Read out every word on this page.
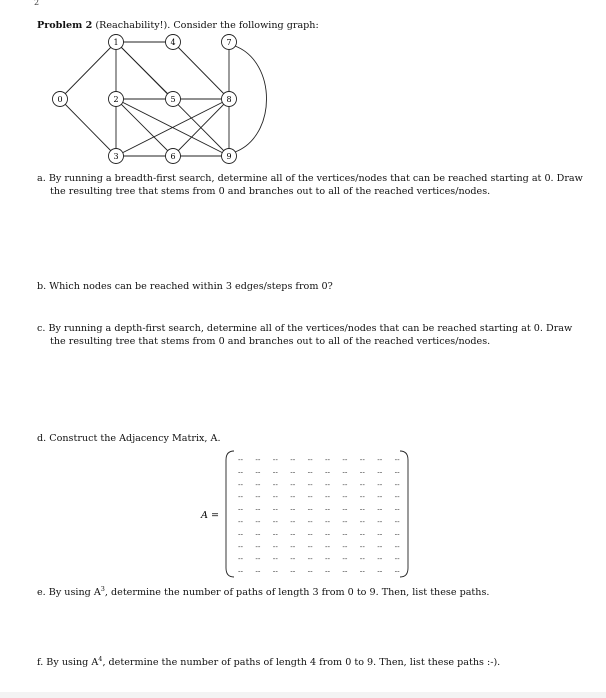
2
Problem 2 (Reachability!). Consider the following graph:
0
1
2
3
4
5
6
7
8
9
a. By running a breadth-first search, determine all of the vertices/nodes that can be reached starting at 0. Draw
the resulting tree that stems from 0 and branches out to all of the reached vertices/nodes.
b. Which nodes can be reached within 3 edges/steps from 0?
c. By running a depth-first search, determine all of the vertices/nodes that can be reached starting at 0. Draw
the resulting tree that stems from 0 and branches out to all of the reached vertices/nodes.
d. Construct the Adjacency Matrix, A.
A =
-- -- -- -- -- -- -- -- -- --
-- -- -- -- -- -- -- -- -- --
-- -- -- -- -- -- -- -- -- --
-- -- -- -- -- -- -- -- -- --
-- -- -- -- -- -- -- -- -- --
-- -- -- -- -- -- -- -- -- --
-- -- -- -- -- -- -- -- -- --
-- -- -- -- -- -- -- -- -- --
-- -- -- -- -- -- -- -- -- --
-- -- -- -- -- -- -- -- -- --
e. By using $A^3$, determine the number of paths of length 3 from 0 to 9. Then, list these paths.
f. By using $A^4$, determine the number of paths of length 4 from 0 to 9. Then, list these paths :-).
